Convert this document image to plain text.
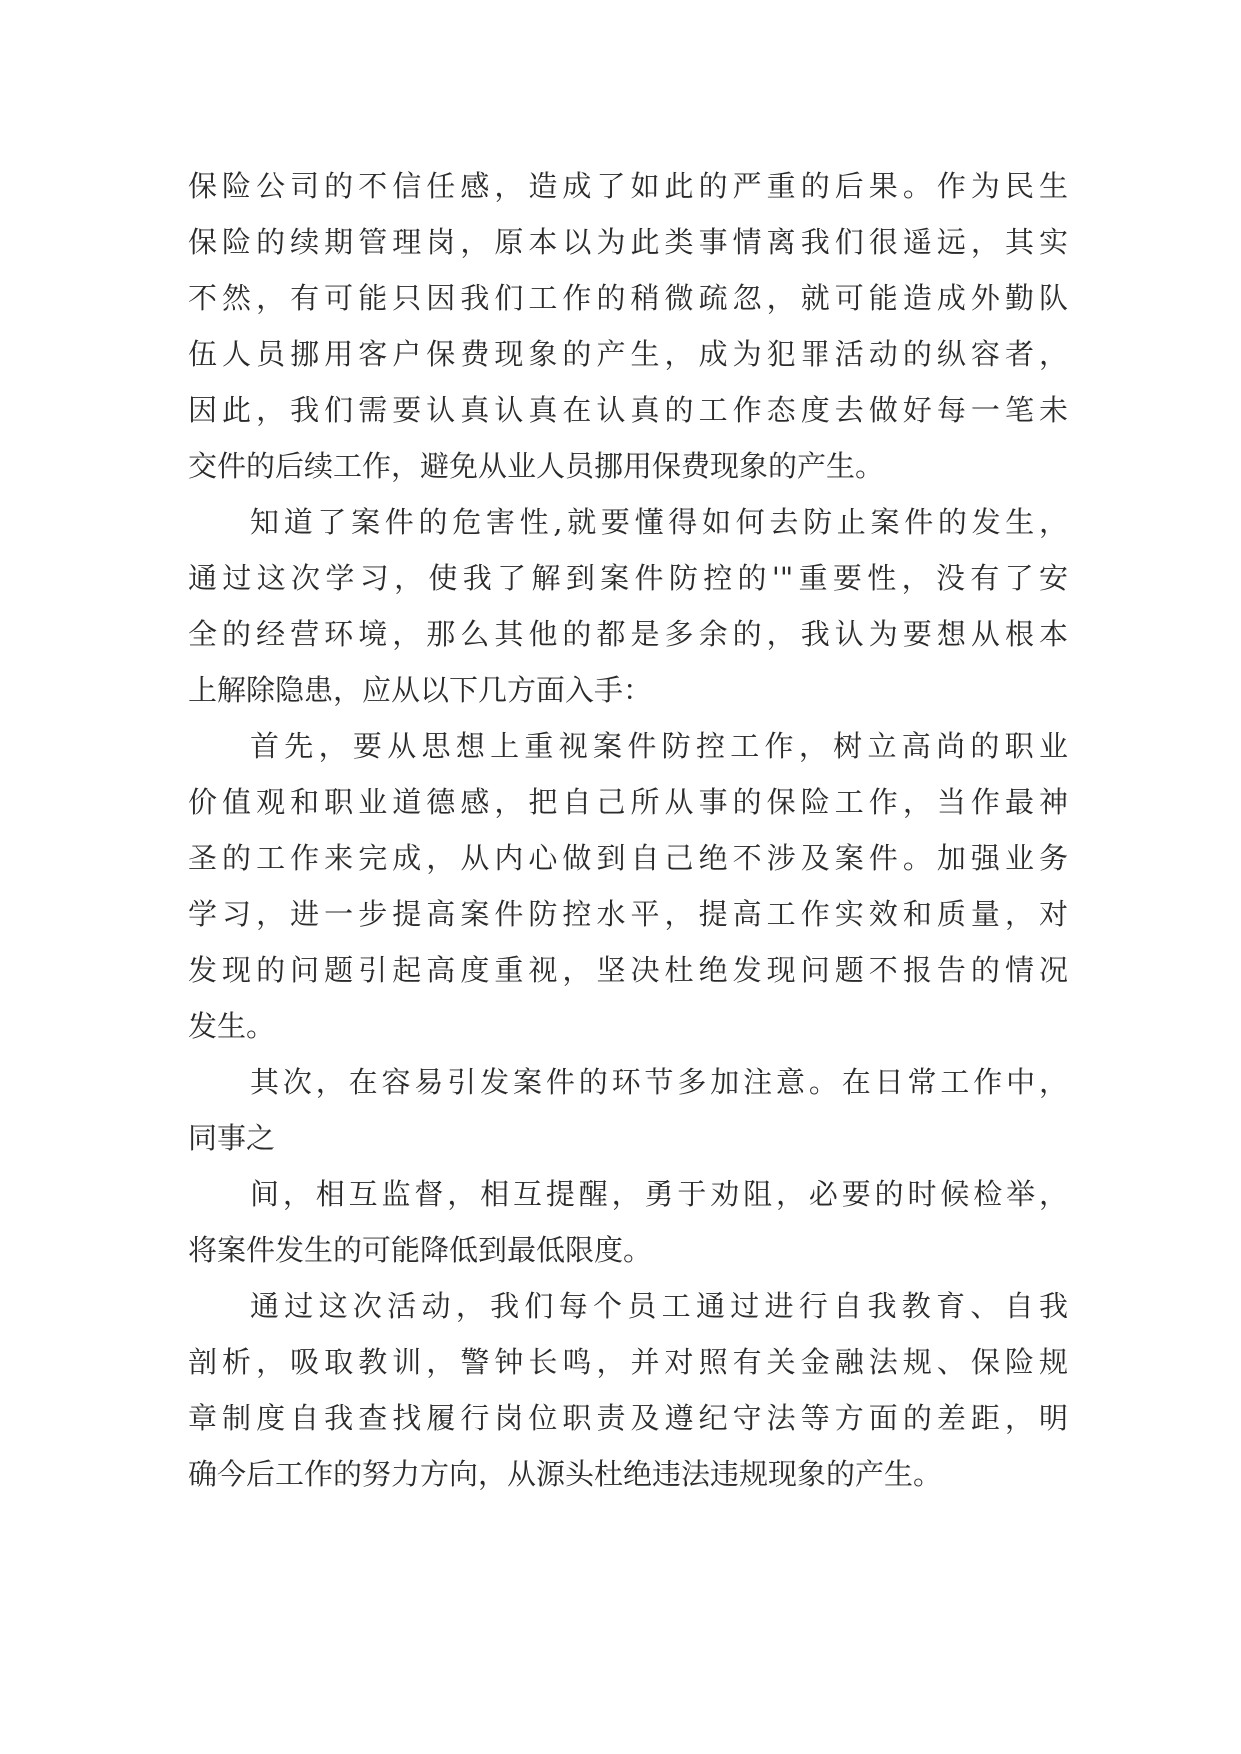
保险公司的不信任感，造成了如此的严重的后果。作为民生
保险的续期管理岗，原本以为此类事情离我们很遥远，其实
不然，有可能只因我们工作的稍微疏忽，就可能造成外勤队
伍人员挪用客户保费现象的产生，成为犯罪活动的纵容者，
因此，我们需要认真认真在认真的工作态度去做好每一笔未
交件的后续工作，避免从业人员挪用保费现象的产生。
知道了案件的危害性,就要懂得如何去防止案件的发生，
通过这次学习，使我了解到案件防控的'"重要性，没有了安
全的经营环境，那么其他的都是多余的，我认为要想从根本
上解除隐患，应从以下几方面入手：
首先，要从思想上重视案件防控工作，树立高尚的职业
价值观和职业道德感，把自己所从事的保险工作，当作最神
圣的工作来完成，从内心做到自己绝不涉及案件。加强业务
学习，进一步提高案件防控水平，提高工作实效和质量，对
发现的问题引起高度重视，坚决杜绝发现问题不报告的情况
发生。
其次，在容易引发案件的环节多加注意。在日常工作中，
同事之
间，相互监督，相互提醒，勇于劝阻，必要的时候检举，
将案件发生的可能降低到最低限度。
通过这次活动，我们每个员工通过进行自我教育、自我
剖析，吸取教训，警钟长鸣，并对照有关金融法规、保险规
章制度自我查找履行岗位职责及遵纪守法等方面的差距，明
确今后工作的努力方向，从源头杜绝违法违规现象的产生。
